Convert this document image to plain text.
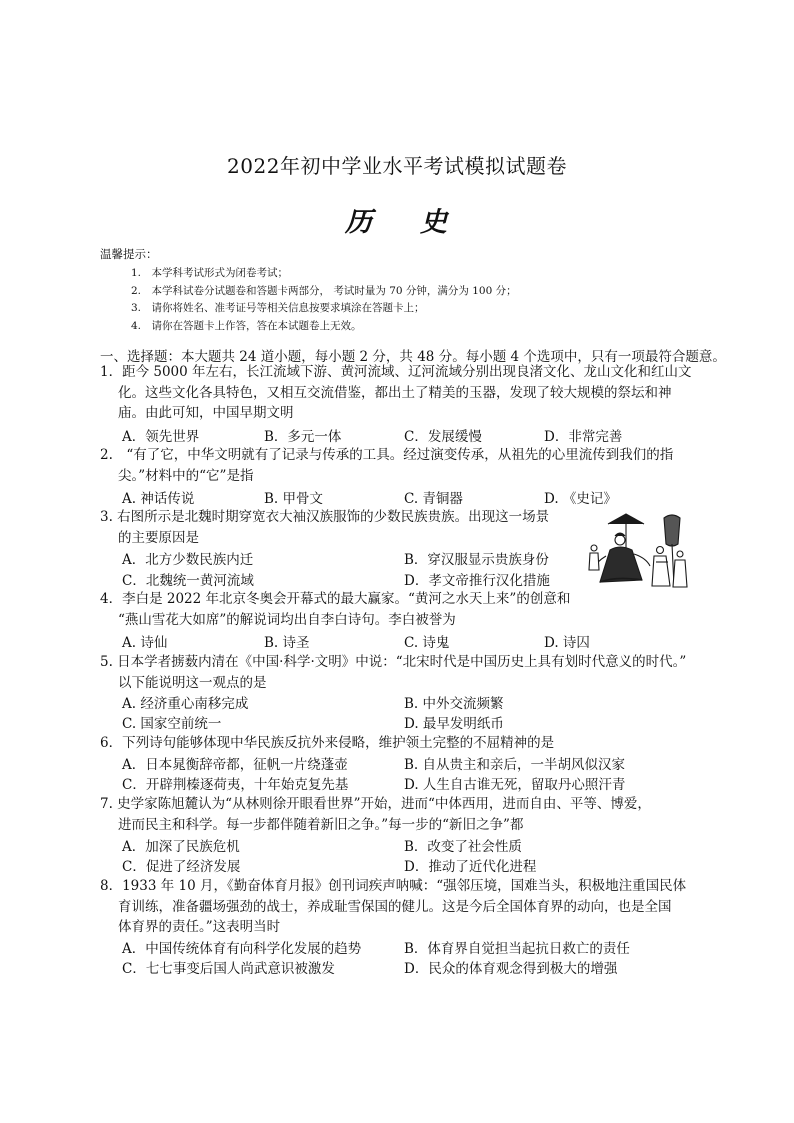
2022年初中学业水平考试模拟试题卷
历 史
温馨提示：
1.　本学科考试形式为闭卷考试；
2.　本学科试卷分试题卷和答题卡两部分， 考试时量为 70 分钟，满分为 100 分；
3.　请你将姓名、准考证号等相关信息按要求填涂在答题卡上；
4.　请你在答题卡上作答，答在本试题卷上无效。
一、选择题：本大题共 24 道小题，每小题 2 分，共 48 分。每小题 4 个选项中，只有一项最符合题意。
1．距今 5000 年左右，长江流域下游、黄河流域、辽河流域分别出现良渚文化、龙山文化和红山文
化。这些文化各具特色，又相互交流借鉴，都出土了精美的玉器，发现了较大规模的祭坛和神
庙。由此可知，中国早期文明
A．领先世界	B．多元一体	C．发展缓慢	D．非常完善
2.　“有了它，中华文明就有了记录与传承的工具。经过演变传承，从祖先的心里流传到我们的指
尖。”材料中的“它”是指
A. 神话传说	B. 甲骨文	C. 青铜器	D. 《史记》
3. 右图所示是北魏时期穿宽衣大袖汉族服饰的少数民族贵族。出现这一场景
的主要原因是
A．北方少数民族内迁	B．穿汉服显示贵族身份
C．北魏统一黄河流域	D．孝文帝推行汉化措施
4．李白是 2022 年北京冬奥会开幕式的最大赢家。“黄河之水天上来”的创意和
“燕山雪花大如席”的解说词均出自李白诗句。李白被誉为
A. 诗仙	B. 诗圣	C. 诗鬼	D. 诗囚
5. 日本学者掳薮内清在《中国·科学·文明》中说：“北宋时代是中国历史上具有划时代意义的时代。”
以下能说明这一观点的是
A. 经济重心南移完成	B. 中外交流频繁
C. 国家空前统一	D. 最早发明纸币
6．下列诗句能够体现中华民族反抗外来侵略，维护领土完整的不屈精神的是
A．日本晁衡辞帝都，征帆一片绕蓬壶	B. 自从贵主和亲后，一半胡风似汉家
C．开辟荆榛逐荷夷，十年始克复先基	D. 人生自古谁无死，留取丹心照汗青
7. 史学家陈旭麓认为“从林则徐开眼看世界”开始，进而“中体西用，进而自由、平等、博爱，
进而民主和科学。每一步都伴随着新旧之争。”每一步的“新旧之争”都
A．加深了民族危机	B．改变了社会性质
C．促进了经济发展	D．推动了近代化进程
8．1933 年 10 月，《勤奋体育月报》创刊词疾声呐喊：“强邻压境，国难当头，积极地注重国民体
育训练，准备疆场强劲的战士，养成耻雪保国的健儿。这是今后全国体育界的动向，也是全国
体育界的责任。”这表明当时
A．中国传统体育有向科学化发展的趋势	B．体育界自觉担当起抗日救亡的责任
C．七七事变后国人尚武意识被激发	D．民众的体育观念得到极大的增强
